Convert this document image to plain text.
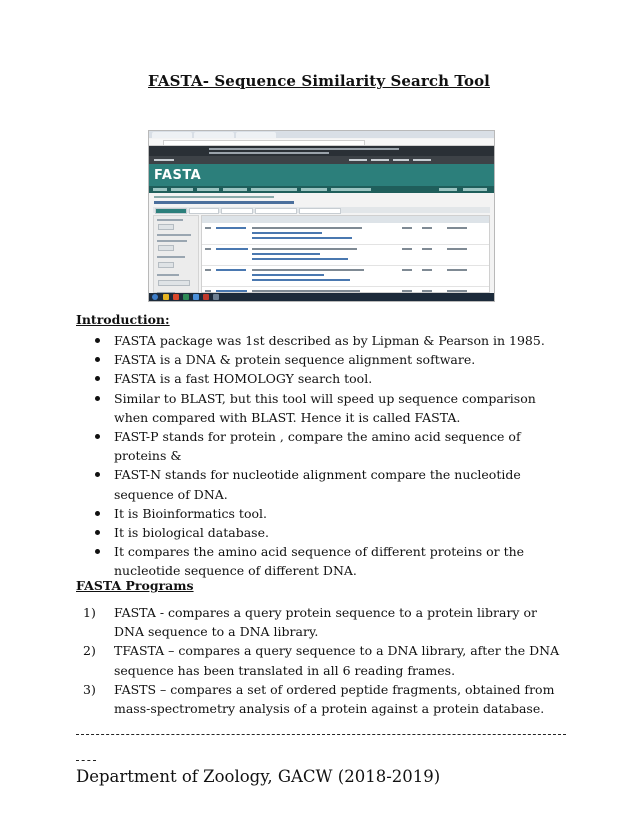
FASTA- Sequence Similarity Search Tool
FASTA
Introduction:
FASTA package was 1st described as by Lipman & Pearson in 1985.
FASTA is a DNA & protein sequence alignment software.
FASTA is a fast HOMOLOGY search tool.
Similar to BLAST, but this tool will speed up sequence comparison when compared with BLAST. Hence it is called FASTA.
FAST-P stands for protein , compare the amino acid sequence of proteins &
FAST-N stands for nucleotide alignment compare the nucleotide sequence of DNA.
It is Bioinformatics tool.
It is biological database.
It compares the amino acid sequence of different proteins or the nucleotide sequence of different DNA.
FASTA Programs
1) FASTA - compares a query protein sequence to a protein library or DNA sequence to a DNA library.
2) TFASTA – compares a query sequence to a DNA library, after the DNA sequence has been translated in all 6 reading frames.
3) FASTS – compares a set of ordered peptide fragments, obtained from mass-spectrometry analysis of a protein against a protein database.
Department of Zoology, GACW (2018-2019)
